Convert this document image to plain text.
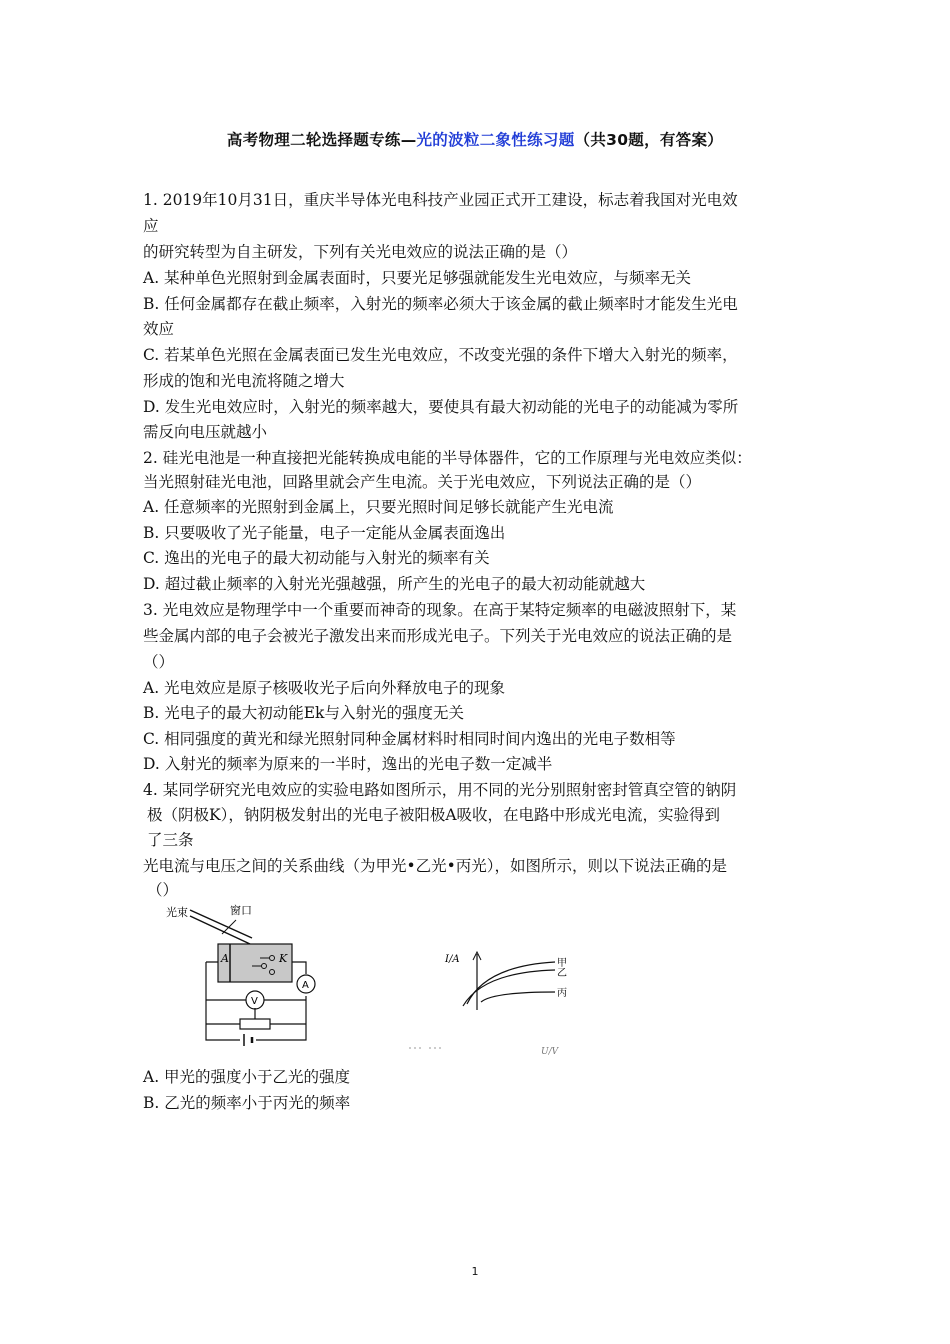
高考物理二轮选择题专练—光的波粒二象性练习题（共30题，有答案）
1. 2019年10月31日，重庆半导体光电科技产业园正式开工建设，标志着我国对光电效
应
的研究转型为自主研发，下列有关光电效应的说法正确的是（）
A. 某种单色光照射到金属表面时，只要光足够强就能发生光电效应，与频率无关
B. 任何金属都存在截止频率，入射光的频率必须大于该金属的截止频率时才能发生光电
效应
C. 若某单色光照在金属表面已发生光电效应，不改变光强的条件下增大入射光的频率，
形成的饱和光电流将随之增大
D. 发生光电效应时，入射光的频率越大，要使具有最大初动能的光电子的动能减为零所
需反向电压就越小
2. 硅光电池是一种直接把光能转换成电能的半导体器件，它的工作原理与光电效应类似：
当光照射硅光电池，回路里就会产生电流。关于光电效应，下列说法正确的是（）
A. 任意频率的光照射到金属上，只要光照时间足够长就能产生光电流
B. 只要吸收了光子能量，电子一定能从金属表面逸出
C. 逸出的光电子的最大初动能与入射光的频率有关
D. 超过截止频率的入射光光强越强，所产生的光电子的最大初动能就越大
3. 光电效应是物理学中一个重要而神奇的现象。在高于某特定频率的电磁波照射下，某
些金属内部的电子会被光子激发出来而形成光电子。下列关于光电效应的说法正确的是
（）
A. 光电效应是原子核吸收光子后向外释放电子的现象
B. 光电子的最大初动能Ek与入射光的强度无关
C. 相同强度的黄光和绿光照射同种金属材料时相同时间内逸出的光电子数相等
D. 入射光的频率为原来的一半时，逸出的光电子数一定减半
4. 某同学研究光电效应的实验电路如图所示，用不同的光分别照射密封管真空管的钠阴
极（阴极K），钠阴极发射出的光电子被阳极A吸收，在电路中形成光电流，实验得到
了三条
光电流与电压之间的关系曲线（为甲光•乙光•丙光），如图所示，则以下说法正确的是
（）
光束	窗口
A	K
A
V
I/A	甲
乙
丙
U/V
A. 甲光的强度小于乙光的强度
B. 乙光的频率小于丙光的频率
1
